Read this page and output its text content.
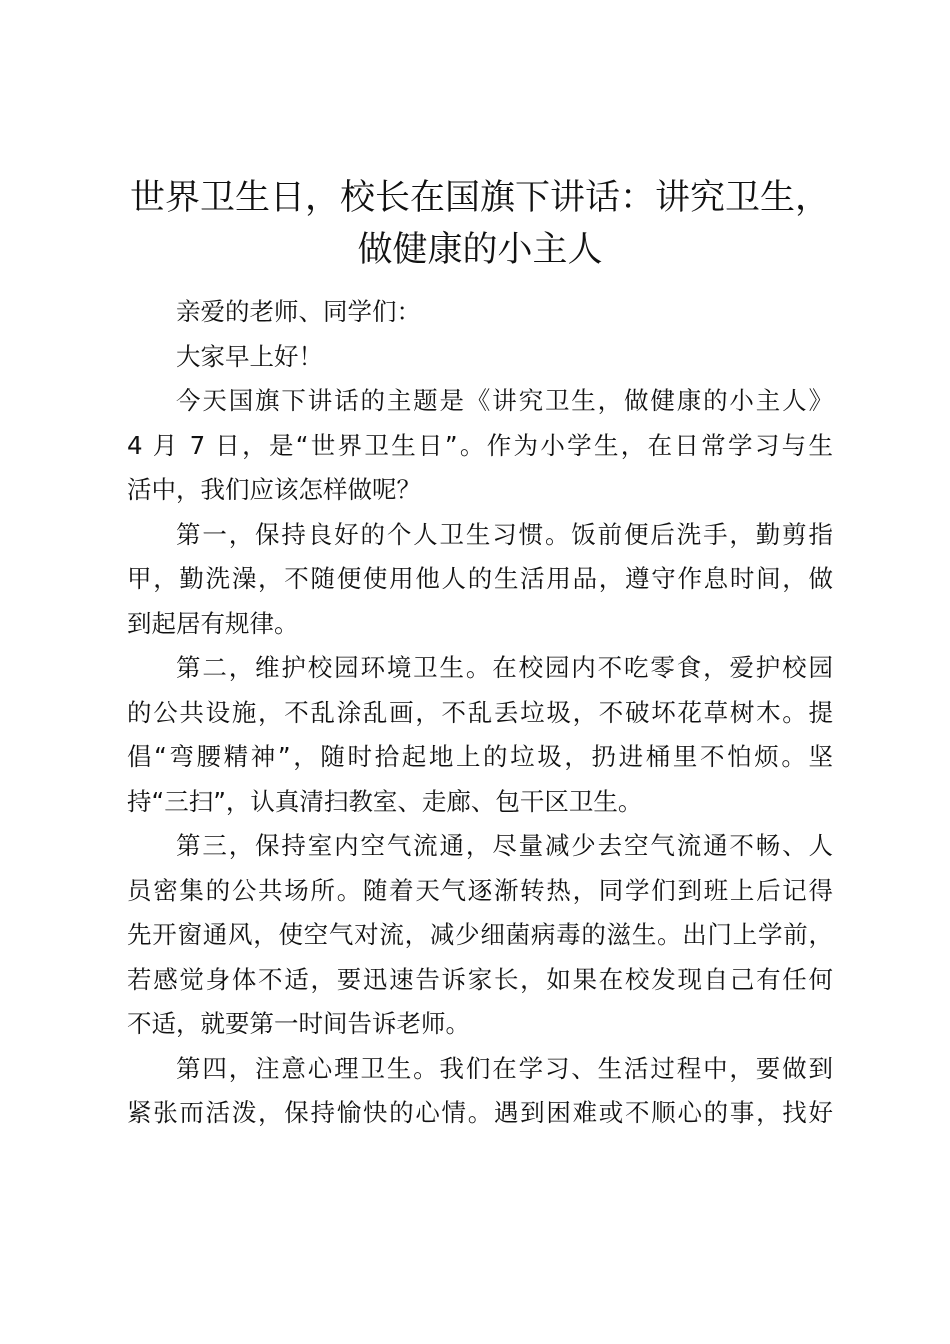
世界卫生日，校长在国旗下讲话：讲究卫生，
做健康的小主人
亲爱的老师、同学们：
大家早上好！
今天国旗下讲话的主题是《讲究卫生，做健康的小主人》
4 月 7 日，是“世界卫生日”。作为小学生，在日常学习与生
活中，我们应该怎样做呢？
第一，保持良好的个人卫生习惯。饭前便后洗手，勤剪指
甲，勤洗澡，不随便使用他人的生活用品，遵守作息时间，做
到起居有规律。
第二，维护校园环境卫生。在校园内不吃零食，爱护校园
的公共设施，不乱涂乱画，不乱丢垃圾，不破坏花草树木。提
倡“弯腰精神”，随时拾起地上的垃圾，扔进桶里不怕烦。坚
持“三扫”，认真清扫教室、走廊、包干区卫生。
第三，保持室内空气流通，尽量减少去空气流通不畅、人
员密集的公共场所。随着天气逐渐转热，同学们到班上后记得
先开窗通风，使空气对流，减少细菌病毒的滋生。出门上学前，
若感觉身体不适，要迅速告诉家长，如果在校发现自己有任何
不适，就要第一时间告诉老师。
第四，注意心理卫生。我们在学习、生活过程中，要做到
紧张而活泼，保持愉快的心情。遇到困难或不顺心的事，找好
